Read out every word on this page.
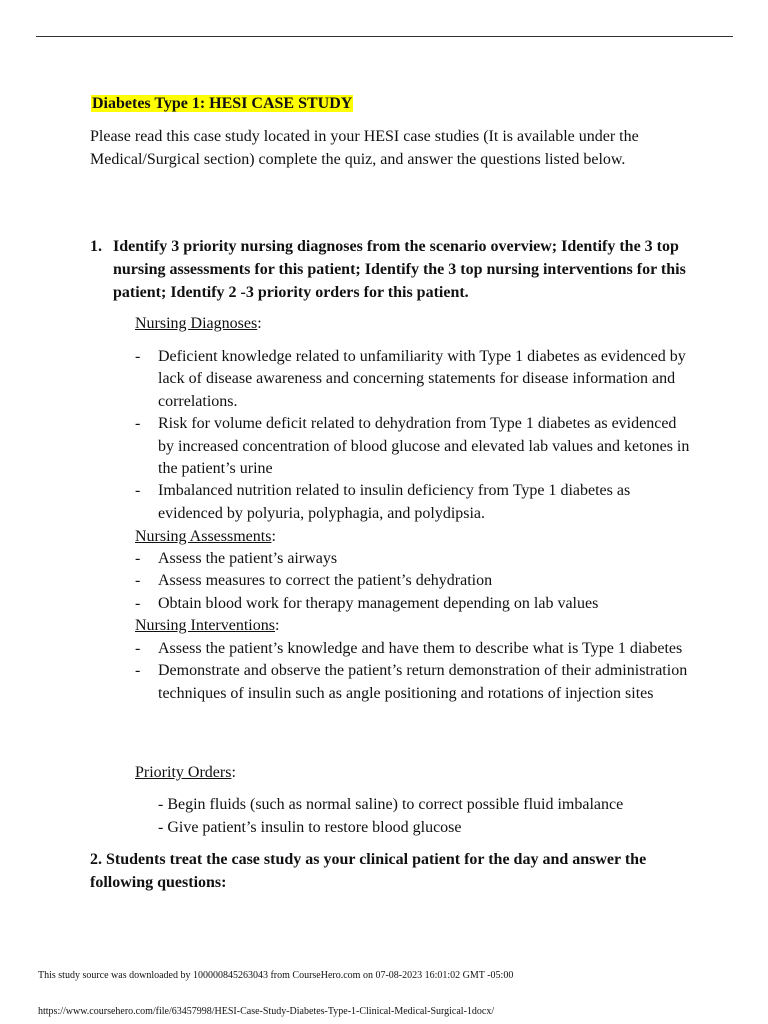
Diabetes Type 1: HESI CASE STUDY
Please read this case study located in your HESI case studies (It is available under the Medical/Surgical section) complete the quiz, and answer the questions listed below.
1. Identify 3 priority nursing diagnoses from the scenario overview; Identify the 3 top nursing assessments for this patient; Identify the 3 top nursing interventions for this patient; Identify 2 -3 priority orders for this patient.
Nursing Diagnoses:
- Deficient knowledge related to unfamiliarity with Type 1 diabetes as evidenced by lack of disease awareness and concerning statements for disease information and correlations.
- Risk for volume deficit related to dehydration from Type 1 diabetes as evidenced by increased concentration of blood glucose and elevated lab values and ketones in the patient’s urine
- Imbalanced nutrition related to insulin deficiency from Type 1 diabetes as evidenced by polyuria, polyphagia, and polydipsia.
Nursing Assessments:
- Assess the patient’s airways
- Assess measures to correct the patient’s dehydration
- Obtain blood work for therapy management depending on lab values
Nursing Interventions:
- Assess the patient’s knowledge and have them to describe what is Type 1 diabetes
- Demonstrate and observe the patient’s return demonstration of their administration techniques of insulin such as angle positioning and rotations of injection sites
Priority Orders:
- Begin fluids (such as normal saline) to correct possible fluid imbalance
- Give patient’s insulin to restore blood glucose
2. Students treat the case study as your clinical patient for the day and answer the following questions:
This study source was downloaded by 100000845263043 from CourseHero.com on 07-08-2023 16:01:02 GMT -05:00
https://www.coursehero.com/file/63457998/HESI-Case-Study-Diabetes-Type-1-Clinical-Medical-Surgical-1docx/
